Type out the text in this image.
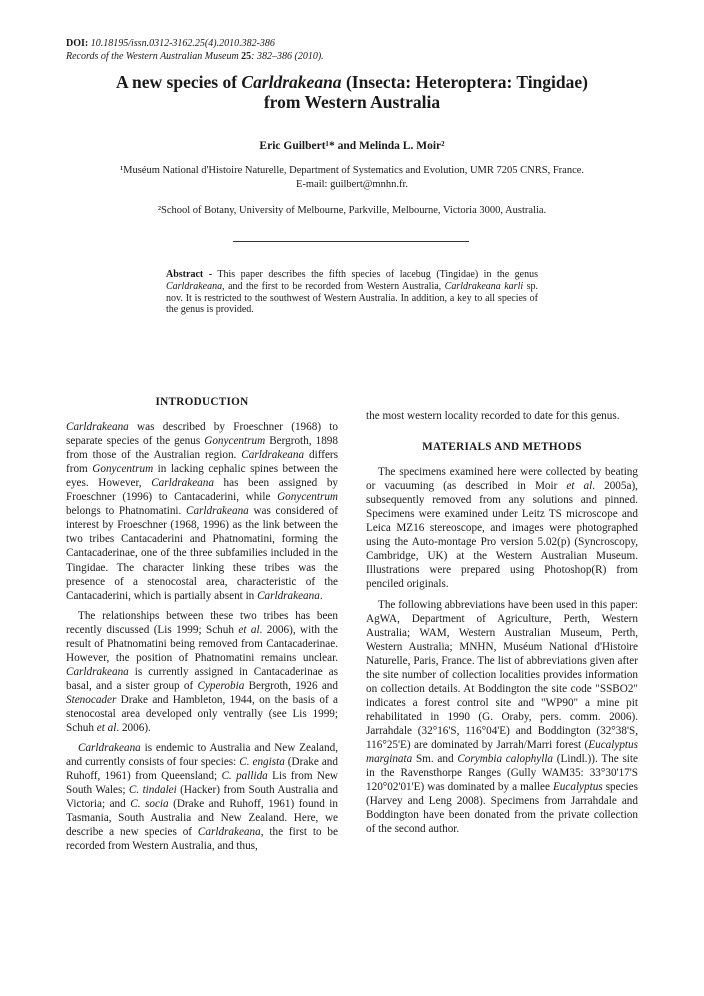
DOI: 10.18195/issn.0312-3162.25(4).2010.382-386
Records of the Western Australian Museum 25: 382–386 (2010).
A new species of Carldrakeana (Insecta: Heteroptera: Tingidae)
from Western Australia
Eric Guilbert¹* and Melinda L. Moir²
¹Muséum National d'Histoire Naturelle, Department of Systematics and Evolution, UMR 7205 CNRS, France.
E-mail: guilbert@mnhn.fr.
²School of Botany, University of Melbourne, Parkville, Melbourne, Victoria 3000, Australia.
Abstract - This paper describes the fifth species of lacebug (Tingidae) in the genus Carldrakeana, and the first to be recorded from Western Australia, Carldrakeana karli sp. nov. It is restricted to the southwest of Western Australia. In addition, a key to all species of the genus is provided.
INTRODUCTION

Carldrakeana was described by Froeschner (1968) to separate species of the genus Gonycentrum Bergroth, 1898 from those of the Australian region. Carldrakeana differs from Gonycentrum in lacking cephalic spines between the eyes. However, Carldrakeana has been assigned by Froeschner (1996) to Cantacaderini, while Gonycentrum belongs to Phatnomatini. Carldrakeana was considered of interest by Froeschner (1968, 1996) as the link between the two tribes Cantacaderini and Phatnomatini, forming the Cantacaderinae, one of the three subfamilies included in the Tingidae. The character linking these tribes was the presence of a stenocostal area, characteristic of the Cantacaderini, which is partially absent in Carldrakeana.

The relationships between these two tribes has been recently discussed (Lis 1999; Schuh et al. 2006), with the result of Phatnomatini being removed from Cantacaderinae. However, the position of Phatnomatini remains unclear. Carldrakeana is currently assigned in Cantacaderinae as basal, and a sister group of Cyperobia Bergroth, 1926 and Stenocader Drake and Hambleton, 1944, on the basis of a stenocostal area developed only ventrally (see Lis 1999; Schuh et al. 2006).

Carldrakeana is endemic to Australia and New Zealand, and currently consists of four species: C. engista (Drake and Ruhoff, 1961) from Queensland; C. pallida Lis from New South Wales; C. tindalei (Hacker) from South Australia and Victoria; and C. socia (Drake and Ruhoff, 1961) found in Tasmania, South Australia and New Zealand. Here, we describe a new species of Carldrakeana, the first to be recorded from Western Australia, and thus,

the most western locality recorded to date for this genus.

MATERIALS AND METHODS

The specimens examined here were collected by beating or vacuuming (as described in Moir et al. 2005a), subsequently removed from any solutions and pinned. Specimens were examined under Leitz TS microscope and Leica MZ16 stereoscope, and images were photographed using the Auto-montage Pro version 5.02(p) (Syncroscopy, Cambridge, UK) at the Western Australian Museum. Illustrations were prepared using Photoshop(R) from penciled originals.

The following abbreviations have been used in this paper: AgWA, Department of Agriculture, Perth, Western Australia; WAM, Western Australian Museum, Perth, Western Australia; MNHN, Muséum National d'Histoire Naturelle, Paris, France. The list of abbreviations given after the site number of collection localities provides information on collection details. At Boddington the site code "SSBO2" indicates a forest control site and "WP90" a mine pit rehabilitated in 1990 (G. Oraby, pers. comm. 2006). Jarrahdale (32°16'S, 116°04'E) and Boddington (32°38'S, 116°25'E) are dominated by Jarrah/Marri forest (Eucalyptus marginata Sm. and Corymbia calophylla (Lindl.)). The site in the Ravensthorpe Ranges (Gully WAM35: 33°30'17'S 120°02'01'E) was dominated by a mallee Eucalyptus species (Harvey and Leng 2008). Specimens from Jarrahdale and Boddington have been donated from the private collection of the second author.
